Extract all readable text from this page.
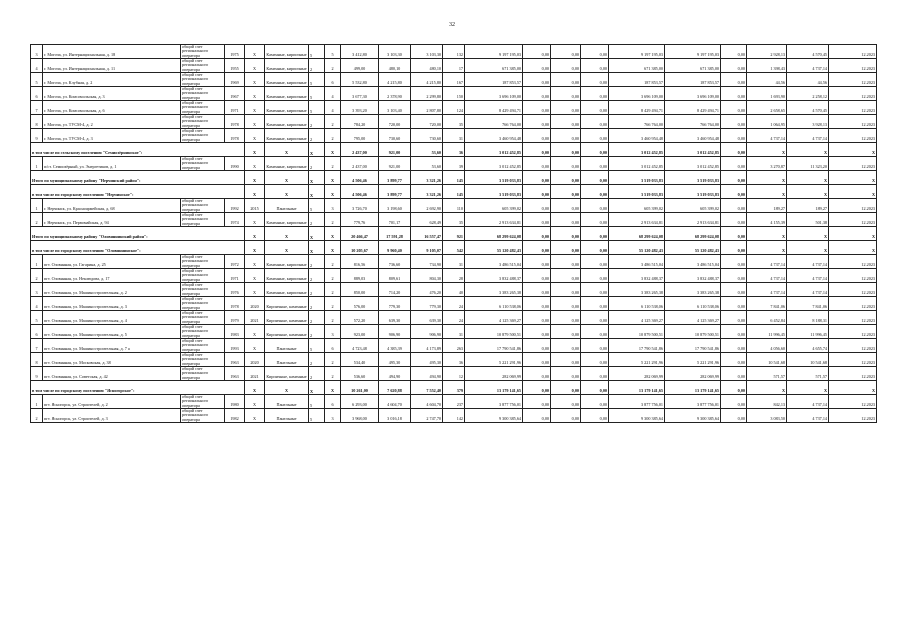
32
3	г. Могоча, ул. Интернациональная, д. 18	общий счет регионального оператора	1975	Х	Каменные, кирпичные	5	5	3 412,80	3 103,30	3 103,30	132	9 197 195,03	0,00	0,00	0,00	9 197 195,03	9 197 195,03	0,00	2 928,13	4 570,45	12.2023
4	г. Могоча, ул. Интернациональная, д. 11	общий счет регионального оператора	1955	Х	Каменные, кирпичные	2	2	499,00	480,10	480,10	17	671 385,00	0,00	0,00	0,00	671 385,00	671 385,00	0,00	1 398,43	4 737,14	12.2023
5	г. Могоча, ул. Клубная, д. 2	общий счет регионального оператора	1969	Х	Каменные, кирпичные	5	6	5 532,80	4 215,80	4 215,80	167	187 853,57	0,00	0,00	0,00	187 853,57	187 853,57	0,00	44,56	44,56	12.2023
6	г. Могоча, ул. Комсомольская, д. 3	общий счет регионального оператора	1967	Х	Каменные, кирпичные	5	4	3 677,30	2 378,90	2 299,80	150	3 696 109,00	0,00	0,00	0,00	3 696 109,00	3 696 109,00	0,00	1 693,90	2 258,12	12.2023
7	г. Могоча, ул. Комсомольская, д. 6	общий счет регионального оператора	1971	Х	Каменные, кирпичные	5	4	3 393,20	3 103,40	2 807,80	124	8 429 494,71	0,00	0,00	0,00	8 429 494,71	8 429 494,71	0,00	2 658,65	4 570,45	12.2023
8	г. Могоча, ул. ТУСМ-4, д. 2	общий счет регионального оператора	1978	Х	Каменные, кирпичные	2	2	784,20	720,00	720,00	35	766 764,00	0,00	0,00	0,00	766 764,00	766 764,00	0,00	1 064,95	3 928,13	12.2023
9	г. Могоча, ул. ТУСМ-4, д. 3	общий счет регионального оператора	1978	Х	Каменные, кирпичные	2	2	795,00	730,60	730,60	31	3 460 954,48	0,00	0,00	0,00	3 460 954,48	3 460 954,48	0,00	4 737,14	4 737,14	12.2023
в том числе по сельскому поселению "Семиозёрнинское":				Х	Х	Х	Х	2 437,00	921,00	53,60	36	3 012 452,85	0,00	0,00	0,00	3 012 452,85	3 012 452,85	0,00	Х	Х	Х
1	п/ст. Семиозёрный, ул. Энергетиков, д. 1	общий счет регионального оператора	1990	Х	Каменные, кирпичные	2	2	2 437,00	921,00	53,60	39	3 012 452,85	0,00	0,00	0,00	3 012 452,85	3 012 452,85	0,00	3 270,87	11 323,20	12.2023
Итого по муниципальному району "Нерчинский район":				Х	Х	Х	Х	4 506,46	3 899,77	3 321,26	145	3 519 033,83	0,00	0,00	0,00	3 519 033,83	3 519 033,83	0,00	Х	Х	Х
в том числе по городскому поселению "Нерчинское":				Х	Х	Х	Х	4 506,46	3 899,77	3 321,26	145	3 519 033,83	0,00	0,00	0,00	3 519 033,83	3 519 033,83	0,00	Х	Х	Х
1	г. Нерчинск, ул. Красноармейская, д. 68	общий счет регионального оператора	1992	2015	Панельные	5	3	3 726,70	3 198,60	2 692,90	110	605 399,02	0,00	0,00	0,00	605 399,02	605 399,02	0,00	189,27	189,27	12.2023
2	г. Нерчинск, ул. Первомайская, д. 94	общий счет регионального оператора	1974	Х	Каменные, кирпичные	2	2	779,76	701,17	628,49	35	2 913 634,81	0,00	0,00	0,00	2 913 634,81	2 913 634,81	0,00	4 155,39	501,38	12.2023
Итого по муниципальному району "Оловяннинский район":				Х	Х	Х	Х	20 466,47	17 591,28	16 557,47	921	68 299 624,08	0,00	0,00	0,00	68 299 624,08	68 299 624,08	0,00	Х	Х	Х
в том числе по городскому поселению "Оловяннинское":				Х	Х	Х	Х	10 205,67	9 960,40	9 105,07	542	55 120 482,43	0,00	0,00	0,00	55 120 482,43	55 120 482,43	0,00	Х	Х	Х
1	пгт. Оловянная, ул. Гагарина, д. 25	общий счет регионального оператора	1972	Х	Каменные, кирпичные	2	2	816,56	736,60	734,90	31	3 486 515,04	0,00	0,00	0,00	3 486 515,04	3 486 515,04	0,00	4 737,14	4 737,14	12.2023
2	пгт. Оловянная, ул. Неклюдова, д. 17	общий счет регионального оператора	1971	Х	Каменные, кирпичные	2	2	889,03	809,61	804,30	28	3 832 488,37	0,00	0,00	0,00	3 832 488,37	3 832 488,37	0,00	4 737,14	4 737,14	12.2023
3	пгт. Оловянная, ул. Машиностроительная, д. 2	общий счет регионального оператора	1976	Х	Каменные, кирпичные	2	2	850,00	714,20	476,20	40	3 383 265,38	0,00	0,00	0,00	3 383 265,38	3 383 265,38	0,00	4 737,14	4 737,14	12.2023
4	пгт. Оловянная, ул. Машиностроительная, д. 3	общий счет регионального оператора	1978	2020	Кирпичные, каменные	2	2	576,00	779,30	779,30	24	6 110 538,06	0,00	0,00	0,00	6 110 538,06	6 110 538,06	0,00	7 841,06	7 841,06	12.2023
5	пгт. Оловянная, ул. Машиностроительная, д. 4	общий счет регионального оператора	1979	2021	Кирпичные, каменные	2	2	572,20	639,30	639,30	24	4 125 369,27	0,00	0,00	0,00	4 125 369,27	4 125 369,27	0,00	6 452,84	8 188,31	12.2023
6	пгт. Оловянная, ул. Машиностроительная, д. 5	общий счет регионального оператора	1983	Х	Кирпичные, каменные	2	3	923,00	906,90	906,90	31	10 879 500,51	0,00	0,00	0,00	10 879 500,51	10 879 500,51	0,00	11 996,45	11 996,45	12.2023
7	пгт. Оловянная, ул. Машиностроительная, д. 7 а	общий счет регионального оператора	1993	Х	Панельные	5	6	4 723,48	4 385,39	4 173,89	263	17 790 541,86	0,00	0,00	0,00	17 790 541,86	17 790 541,86	0,00	4 056,60	4 655,74	12.2023
8	пгт. Оловянная, ул. Московская, д. 38	общий счет регионального оператора	1963	2020	Панельные	2	2	534,40	495,30	495,30	36	5 221 291,96	0,00	0,00	0,00	5 221 291,96	5 221 291,96	0,00	10 541,68	10 541,68	12.2023
9	пгт. Оловянная, ул. Советская, д. 42	общий счет регионального оператора	1963	2021	Кирпичные, каменные	2	2	536,60	494,90	494,90	12	282 069,99	0,00	0,00	0,00	282 069,99	282 069,99	0,00	571,57	571,57	12.2023
в том числе по городскому поселению "Ясногорское":				Х	Х	Х	Х	10 261,00	7 620,88	7 552,40	379	13 179 141,65	0,00	0,00	0,00	13 179 141,65	13 179 141,65	0,00	Х	Х	Х
1	пгт. Ясногорск, ул. Строителей, д. 2	общий счет регионального оператора	1980	Х	Панельные	5	6	6 293,00	4 604,70	4 604,70	237	3 877 756,01	0,00	0,00	0,00	3 877 756,01	3 877 756,01	0,00	842,13	4 737,14	12.2023
2	пгт. Ясногорск, ул. Строителей, д. 3	общий счет регионального оператора	1982	Х	Панельные	5	3	3 968,00	3 016,18	2 747,70	142	9 300 385,64	0,00	0,00	0,00	9 300 385,64	9 300 385,64	0,00	3 083,50	4 737,14	12.2023
